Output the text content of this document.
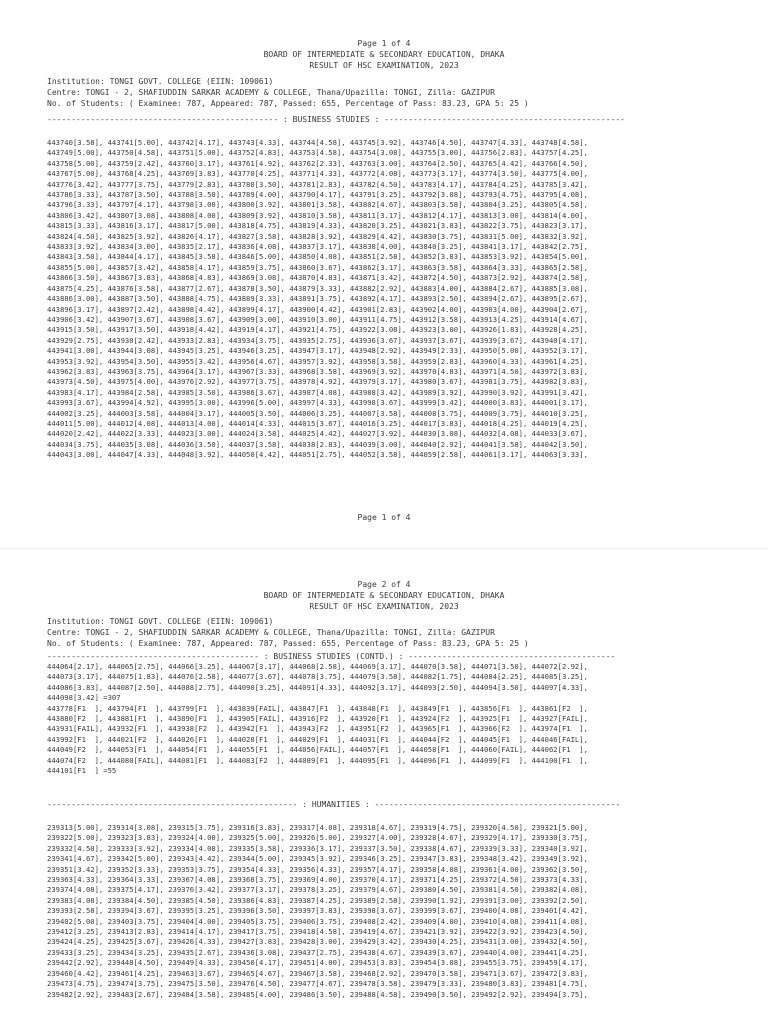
Page 1 of 4
BOARD OF INTERMEDIATE & SECONDARY EDUCATION, DHAKA
RESULT OF HSC EXAMINATION, 2023
Institution: TONGI GOVT. COLLEGE (EIIN: 109061)
Centre: TONGI - 2, SHAFIUDDIN SARKAR ACADEMY & COLLEGE, Thana/Upazilla: TONGI, Zilla: GAZIPUR
No. of Students: ( Examinee: 787, Appeared: 787, Passed: 655, Percentage of Pass: 83.23, GPA 5: 25 )
------------------------------------------------ : BUSINESS STUDIES : --------------------------------------------------
443740[3.58], 443741[5.00], 443742[4.17], 443743[4.33], 443744[4.58], 443745[3.92], 443746[4.50], 443747[4.33], 443748[4.58],
443749[5.00], 443750[4.58], 443751[5.00], 443752[4.83], 443753[4.58], 443754[3.08], 443755[3.00], 443756[2.83], 443757[4.25],
443758[5.00], 443759[2.42], 443760[3.17], 443761[4.92], 443762[2.33], 443763[3.00], 443764[2.50], 443765[4.42], 443766[4.50],
443767[5.00], 443768[4.25], 443769[3.83], 443770[4.25], 443771[4.33], 443772[4.08], 443773[3.17], 443774[3.50], 443775[4.00],
443776[3.42], 443777[3.75], 443779[2.83], 443780[3.50], 443781[2.83], 443782[4.50], 443783[4.17], 443784[4.25], 443785[3.42],
443786[3.33], 443787[3.50], 443788[3.50], 443789[4.00], 443790[4.17], 443791[3.25], 443792[3.08], 443793[4.75], 443795[4.08],
443796[3.33], 443797[4.17], 443798[3.00], 443800[3.92], 443801[3.58], 443802[4.67], 443803[3.58], 443804[3.25], 443805[4.58],
443806[3.42], 443807[3.08], 443808[4.00], 443809[3.92], 443810[3.58], 443811[3.17], 443812[4.17], 443813[3.00], 443814[4.00],
443815[3.33], 443816[3.17], 443817[5.00], 443818[4.75], 443819[4.33], 443820[3.25], 443821[3.83], 443822[3.75], 443823[3.17],
443824[4.50], 443825[3.92], 443826[4.17], 443827[3.58], 443828[3.92], 443829[4.42], 443830[3.75], 443831[5.00], 443832[3.92],
443833[3.92], 443834[3.00], 443835[2.17], 443836[4.08], 443837[3.17], 443838[4.00], 443840[3.25], 443841[3.17], 443842[2.75],
443843[3.50], 443844[4.17], 443845[3.58], 443846[5.00], 443850[4.08], 443851[2.58], 443852[3.83], 443853[3.92], 443854[5.00],
443855[5.00], 443857[3.42], 443858[4.17], 443859[3.75], 443860[3.67], 443862[3.17], 443863[3.58], 443864[3.33], 443865[2.58],
443866[3.50], 443867[3.83], 443868[4.83], 443869[3.08], 443870[4.83], 443871[3.42], 443872[4.50], 443873[2.92], 443874[2.58],
443875[4.25], 443876[3.58], 443877[2.67], 443878[3.50], 443879[3.33], 443882[2.92], 443883[4.00], 443884[2.67], 443885[3.08],
443886[3.00], 443887[3.50], 443888[4.75], 443889[3.33], 443891[3.75], 443892[4.17], 443893[2.50], 443894[2.67], 443895[2.67],
443896[3.17], 443897[2.42], 443898[4.42], 443899[4.17], 443900[4.42], 443901[2.83], 443902[4.00], 443903[4.00], 443904[2.67],
443906[3.42], 443907[3.67], 443908[3.67], 443909[3.00], 443910[3.00], 443911[4.75], 443912[3.58], 443913[4.25], 443914[4.67],
443915[3.50], 443917[3.50], 443918[4.42], 443919[4.17], 443921[4.75], 443922[3.08], 443923[3.00], 443926[1.83], 443928[4.25],
443929[2.75], 443930[2.42], 443933[2.83], 443934[3.75], 443935[2.75], 443936[3.67], 443937[3.67], 443939[3.67], 443940[4.17],
443941[3.00], 443944[3.08], 443945[3.25], 443946[3.25], 443947[3.17], 443948[2.92], 443949[2.33], 443950[5.00], 443952[3.17],
443953[3.92], 443954[3.50], 443955[3.42], 443956[4.67], 443957[3.92], 443958[3.58], 443959[2.83], 443960[4.33], 443961[4.25],
443962[3.83], 443963[3.75], 443964[3.17], 443967[3.33], 443968[3.58], 443969[3.92], 443970[4.83], 443971[4.50], 443972[3.83],
443973[4.50], 443975[4.00], 443976[2.92], 443977[3.75], 443978[4.92], 443979[3.17], 443980[3.67], 443981[3.75], 443982[3.83],
443983[4.17], 443984[2.58], 443985[3.50], 443986[3.67], 443987[4.08], 443988[3.42], 443989[3.92], 443990[3.92], 443991[3.42],
443993[3.67], 443994[4.92], 443995[3.00], 443996[5.00], 443997[4.33], 443998[3.67], 443999[3.42], 444000[3.83], 444001[3.17],
444002[3.25], 444003[3.58], 444004[3.17], 444005[3.50], 444006[3.25], 444007[3.58], 444008[3.75], 444009[3.75], 444010[3.25],
444011[5.00], 444012[4.08], 444013[4.00], 444014[4.33], 444015[3.67], 444016[3.25], 444017[3.83], 444018[4.25], 444019[4.25],
444020[2.42], 444022[3.33], 444023[3.00], 444024[3.58], 444025[4.42], 444027[3.92], 444030[3.08], 444032[4.08], 444033[3.67],
444034[3.75], 444035[3.08], 444036[3.50], 444037[3.58], 444038[2.83], 444039[3.00], 444040[2.92], 444041[3.58], 444042[3.50],
444043[3.00], 444047[4.33], 444048[3.92], 444050[4.42], 444051[2.75], 444052[3.58], 444059[2.58], 444061[3.17], 444063[3.33],
Page 1 of 4
Page 2 of 4
BOARD OF INTERMEDIATE & SECONDARY EDUCATION, DHAKA
RESULT OF HSC EXAMINATION, 2023
Institution: TONGI GOVT. COLLEGE (EIIN: 109061)
Centre: TONGI - 2, SHAFIUDDIN SARKAR ACADEMY & COLLEGE, Thana/Upazilla: TONGI, Zilla: GAZIPUR
No. of Students: ( Examinee: 787, Appeared: 787, Passed: 655, Percentage of Pass: 83.23, GPA 5: 25 )
-------------------------------------------- : BUSINESS STUDIES (CONTD.) : -------------------------------------------
444064[2.17], 444065[2.75], 444066[3.25], 444067[3.17], 444068[2.58], 444069[3.17], 444070[3.58], 444071[3.50], 444072[2.92],
444073[3.17], 444075[1.83], 444076[2.58], 444077[3.67], 444078[3.75], 444079[3.58], 444082[1.75], 444084[2.25], 444085[3.25],
444086[3.83], 444087[2.50], 444088[2.75], 444090[3.25], 444091[4.33], 444092[3.17], 444093[2.50], 444094[3.50], 444097[4.33],
444098[3.42] =307
443778[F1  ], 443794[F1  ], 443799[F1  ], 443839[FAIL], 443847[F1  ], 443848[F1  ], 443849[F1  ], 443856[F1  ], 443861[F2  ],
443880[F2  ], 443881[F1  ], 443890[F1  ], 443905[FAIL], 443916[F2  ], 443920[F1  ], 443924[F2  ], 443925[F1  ], 443927[FAIL],
443931[FAIL], 443932[F1  ], 443938[F2  ], 443942[F1  ], 443943[F2  ], 443951[F2  ], 443965[F1  ], 443966[F2  ], 443974[F1  ],
443992[F1  ], 444021[F2  ], 444026[F1  ], 444028[F1  ], 444029[F1  ], 444031[F1  ], 444044[F2  ], 444045[F1  ], 444046[FAIL],
444049[F2  ], 444053[F1  ], 444054[F1  ], 444055[F1  ], 444056[FAIL], 444057[F1  ], 444058[F1  ], 444060[FAIL], 444062[F1  ],
444074[F2  ], 444080[FAIL], 444081[F1  ], 444083[F2  ], 444089[F1  ], 444095[F1  ], 444096[F1  ], 444099[F1  ], 444100[F1  ],
444101[F1  ] =55
---------------------------------------------------- : HUMANITIES : ---------------------------------------------------
239313[5.00], 239314[3.08], 239315[3.75], 239316[3.83], 239317[4.08], 239318[4.67], 239319[4.75], 239320[4.50], 239321[5.00],
239322[5.00], 239323[3.83], 239324[4.00], 239325[5.00], 239326[5.00], 239327[4.00], 239328[4.67], 239329[4.17], 239330[3.75],
239332[4.50], 239333[3.92], 239334[4.08], 239335[3.58], 239336[3.17], 239337[3.50], 239338[4.67], 239339[3.33], 239340[3.92],
239341[4.67], 239342[5.00], 239343[4.42], 239344[5.00], 239345[3.92], 239346[3.25], 239347[3.83], 239348[3.42], 239349[3.92],
239351[3.42], 239352[3.33], 239353[3.75], 239354[4.33], 239356[4.33], 239357[4.17], 239358[4.08], 239361[4.00], 239362[3.50],
239363[4.33], 239364[3.33], 239367[4.08], 239368[3.75], 239369[4.00], 239370[4.17], 239371[4.25], 239372[4.50], 239373[4.33],
239374[4.08], 239375[4.17], 239376[3.42], 239377[3.17], 239378[3.25], 239379[4.67], 239380[4.50], 239381[4.50], 239382[4.08],
239383[4.08], 239384[4.50], 239385[4.50], 239386[4.83], 239387[4.25], 239389[2.58], 239390[1.92], 239391[3.00], 239392[2.50],
239393[2.58], 239394[3.67], 239395[3.25], 239396[3.50], 239397[3.83], 239398[3.67], 239399[3.67], 239400[4.08], 239401[4.42],
239402[5.00], 239403[3.75], 239404[4.00], 239405[3.75], 239406[3.75], 239408[2.42], 239409[4.00], 239410[4.08], 239411[4.08],
239412[3.25], 239413[2.83], 239414[4.17], 239417[3.75], 239418[4.58], 239419[4.67], 239421[3.92], 239422[3.92], 239423[4.50],
239424[4.25], 239425[3.67], 239426[4.33], 239427[3.83], 239428[3.00], 239429[3.42], 239430[4.25], 239431[3.00], 239432[4.50],
239433[3.25], 239434[3.25], 239435[2.67], 239436[3.08], 239437[2.75], 239438[4.67], 239439[3.67], 239440[4.00], 239441[4.25],
239442[2.92], 239448[4.50], 239449[4.33], 239450[4.17], 239451[4.00], 239453[3.83], 239454[3.08], 239455[3.75], 239459[4.17],
239460[4.42], 239461[4.25], 239463[3.67], 239465[4.67], 239467[3.58], 239468[2.92], 239470[3.58], 239471[3.67], 239472[3.83],
239473[4.75], 239474[3.75], 239475[3.50], 239476[4.50], 239477[4.67], 239478[3.58], 239479[3.33], 239480[3.83], 239481[4.75],
239482[2.92], 239483[2.67], 239484[3.58], 239485[4.00], 239486[3.50], 239488[4.58], 239490[3.50], 239492[2.92], 239494[3.75],
